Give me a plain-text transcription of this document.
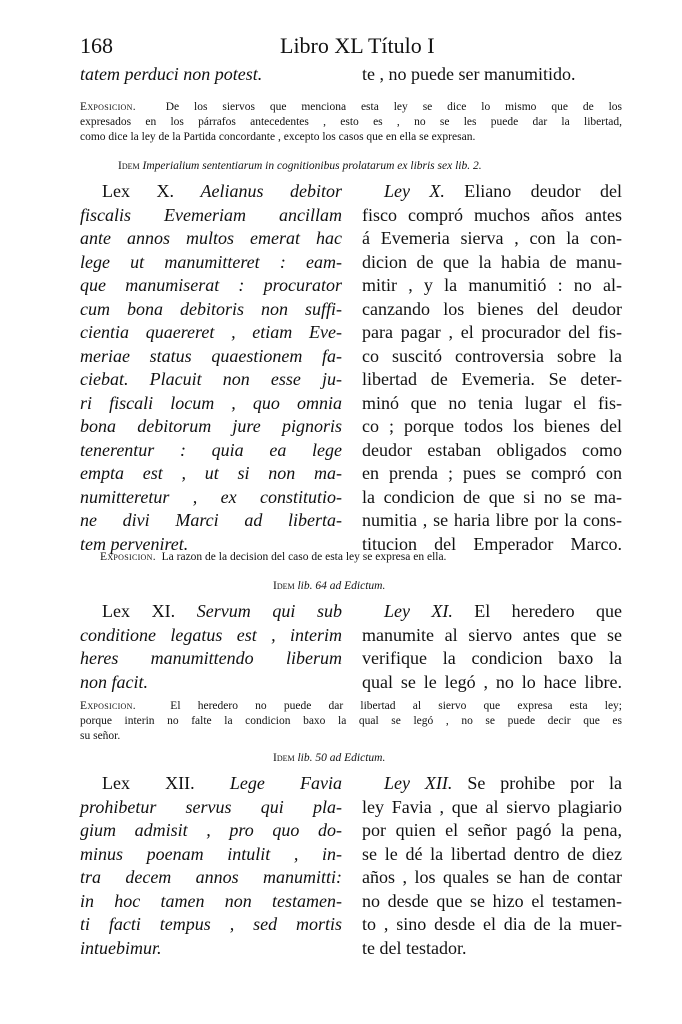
168	Libro XL Título I
tatem perduci non potest.	te , no puede ser manumitido.
Exposicion.	De los siervos que menciona esta ley se dice lo mismo que de los
expresados en los párrafos antecedentes , esto es , no se les puede dar la libertad,
como dice la ley de la Partida concordante , excepto los casos que en ella se expresan.
Idem Imperialium sententiarum in cognitionibus prolatarum ex libris sex lib. 2.
Lex X. Aelianus debitor
fiscalis Evemeriam ancillam
ante annos multos emerat hac
lege ut manumitteret : eam-
que manumiserat : procurator
cum bona debitoris non suffi-
cientia quaereret , etiam Eve-
meriae status quaestionem fa-
ciebat. Placuit non esse ju-
ri fiscali locum , quo omnia
bona debitorum jure pignoris
tenerentur : quia ea lege
empta est , ut si non ma-
numitteretur , ex constitutio-
ne divi Marci ad liberta-
tem perveniret.
Ley X. Eliano deudor del
fisco compró muchos años antes
á Evemeria sierva , con la con-
dicion de que la habia de manu-
mitir , y la manumitió : no al-
canzando los bienes del deudor
para pagar , el procurador del fis-
co suscitó controversia sobre la
libertad de Evemeria. Se deter-
minó que no tenia lugar el fis-
co ; porque todos los bienes del
deudor estaban obligados como
en prenda ; pues se compró con
la condicion de que si no se ma-
numitia , se haria libre por la cons-
titucion del Emperador Marco.
Exposicion. La razon de la decision del caso de esta ley se expresa en ella.
Idem lib. 64 ad Edictum.
Lex XI. Servum qui sub
conditione legatus est , interim
heres manumittendo liberum
non facit.
Ley XI. El heredero que
manumite al siervo antes que se
verifique la condicion baxo la
qual se le legó , no lo hace libre.
Exposicion.	El heredero no puede dar libertad al siervo que expresa esta ley;
porque interin no falte la condicion baxo la qual se legó , no se puede decir que es
su señor.
Idem lib. 50 ad Edictum.
Lex XII. Lege Favia
prohibetur servus qui pla-
gium admisit , pro quo do-
minus poenam intulit , in-
tra decem annos manumitti:
in hoc tamen non testamen-
ti facti tempus , sed mortis
intuebimur.
Ley XII. Se prohibe por la
ley Favia , que al siervo plagiario
por quien el señor pagó la pena,
se le dé la libertad dentro de diez
años , los quales se han de contar
no desde que se hizo el testamen-
to , sino desde el dia de la muer-
te del testador.
